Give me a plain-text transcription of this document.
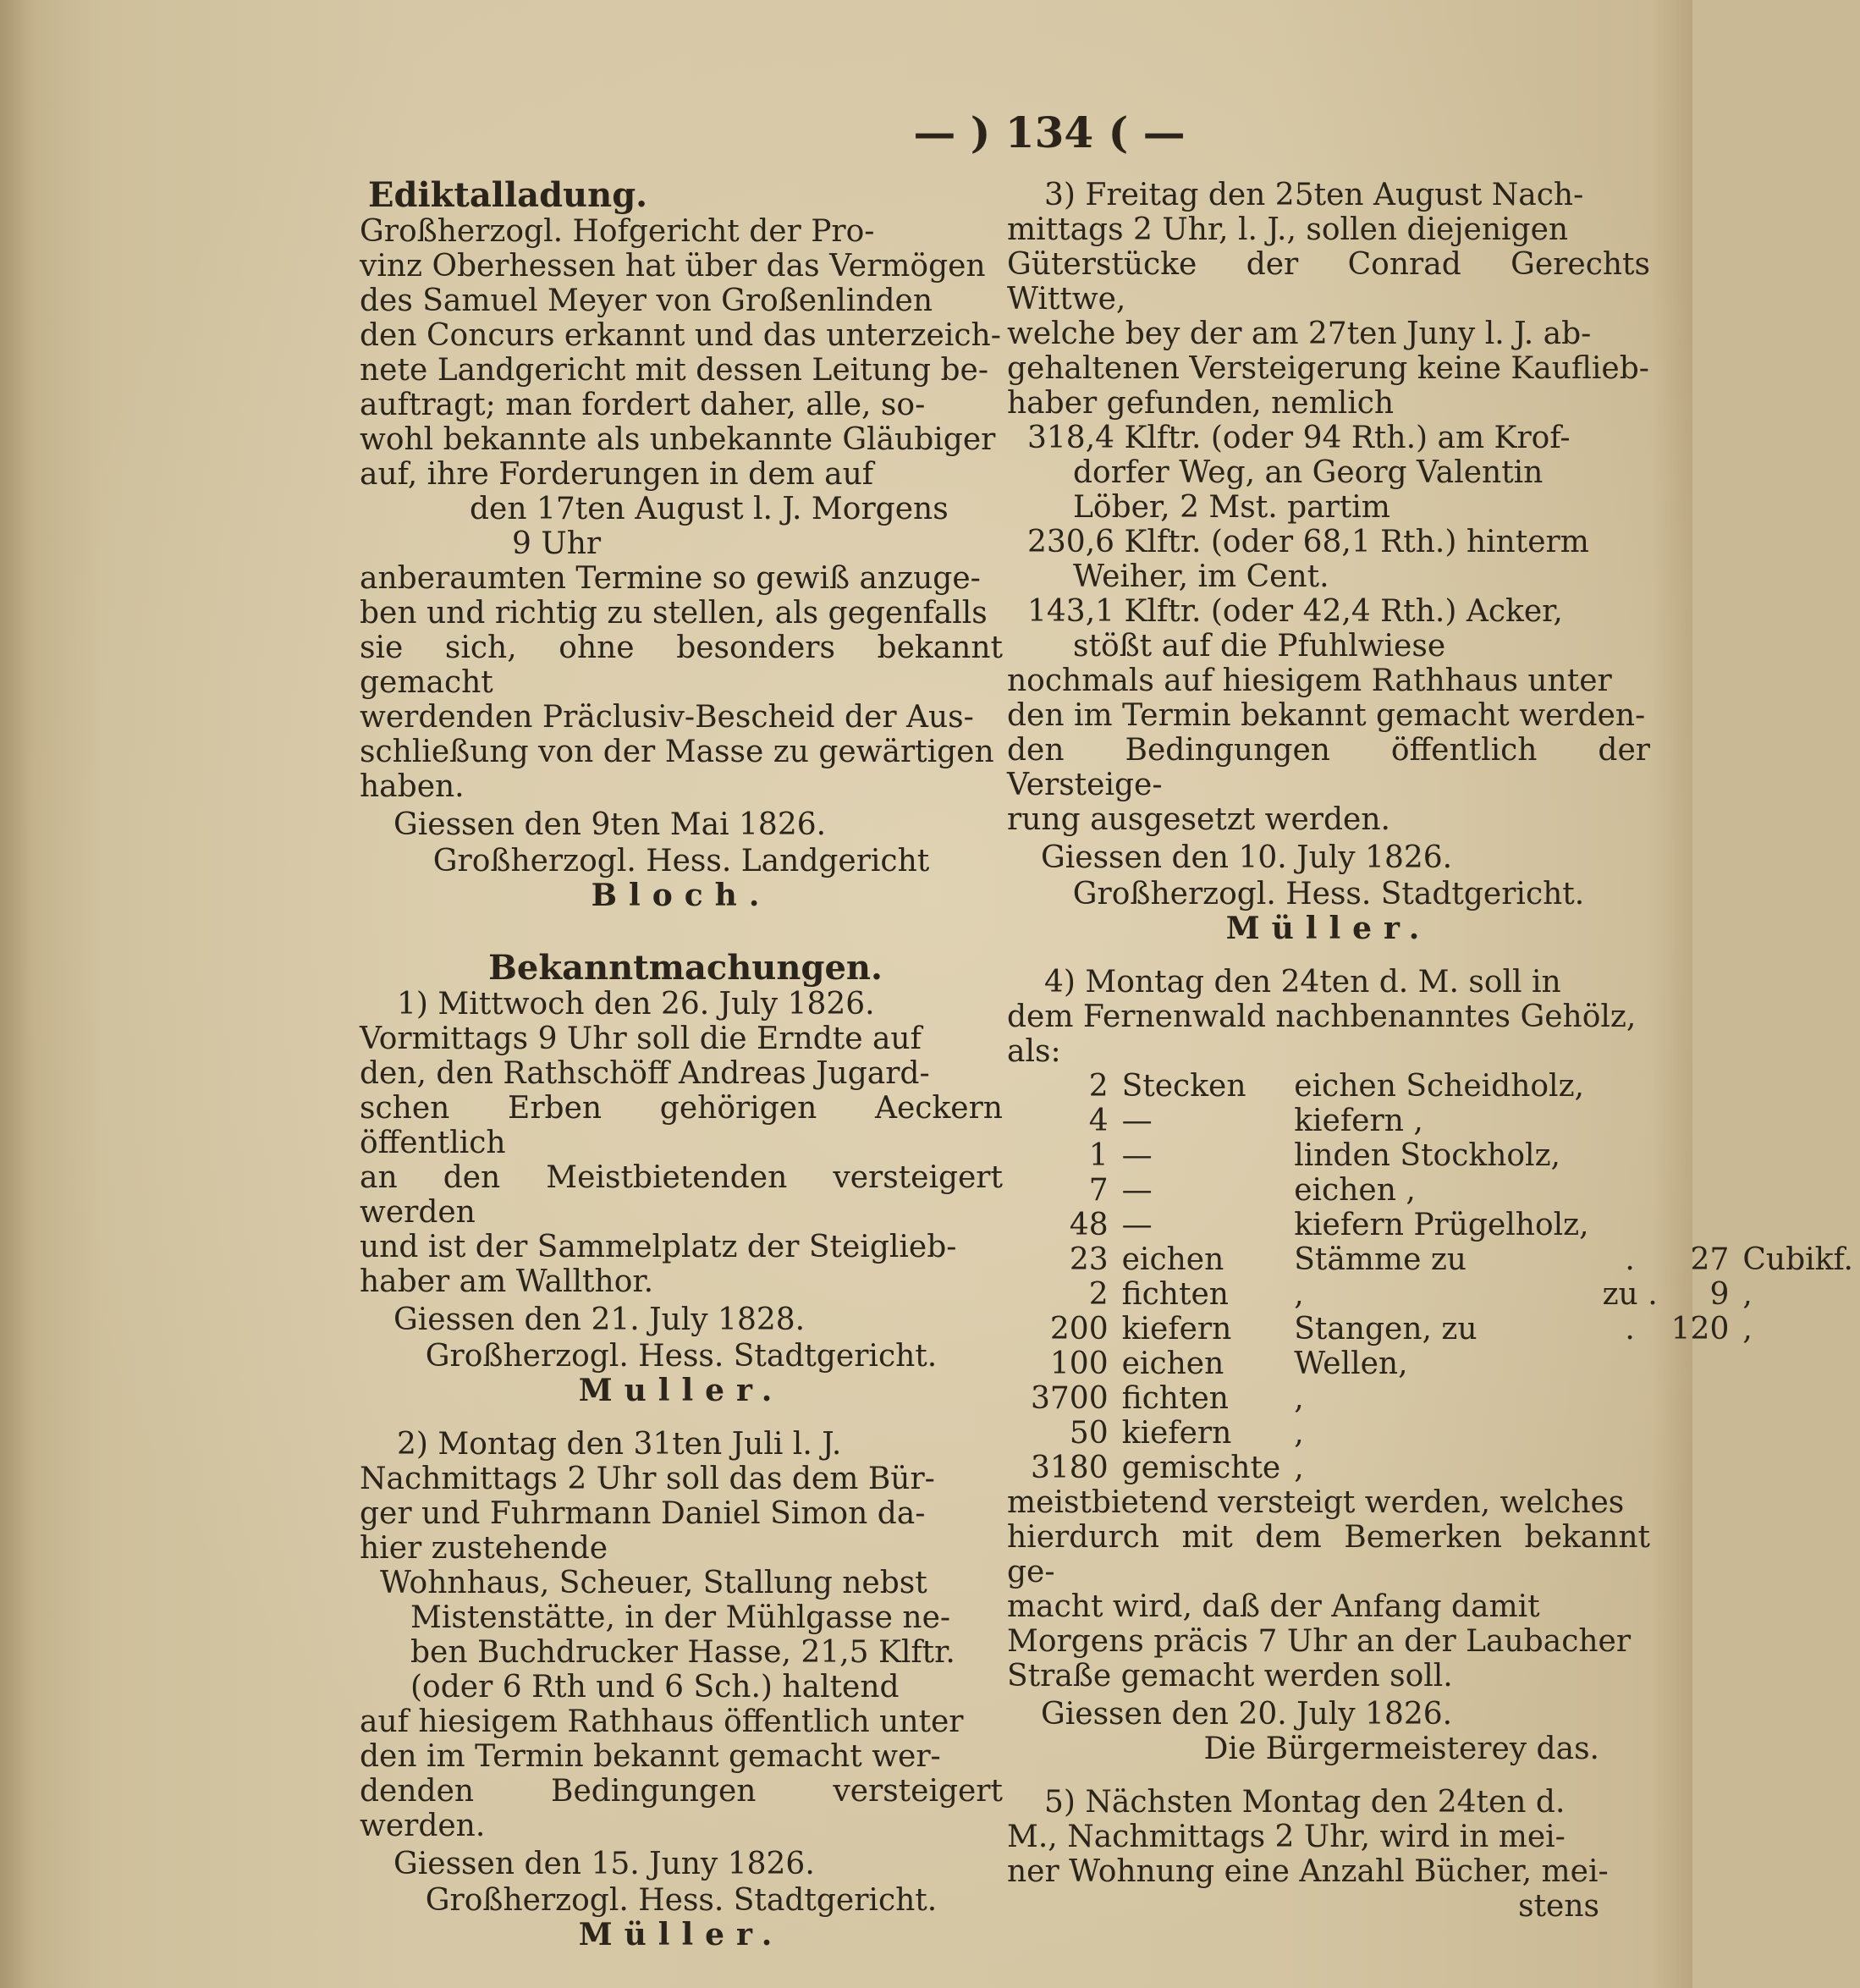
— ) 134 ( —
Ediktalladung.
Großherzogl. Hofgericht der Pro-
vinz Oberhessen hat über das Vermögen
des Samuel Meyer von Großenlinden
den Concurs erkannt und das unterzeich-
nete Landgericht mit dessen Leitung be-
auftragt; man fordert daher, alle, so-
wohl bekannte als unbekannte Gläubiger
auf, ihre Forderungen in dem auf
den 17ten August l. J. Morgens
9 Uhr
anberaumten Termine so gewiß anzuge-
ben und richtig zu stellen, als gegenfalls
sie sich, ohne besonders bekannt gemacht
werdenden Präclusiv-Bescheid der Aus-
schließung von der Masse zu gewärtigen
haben.
Giessen den 9ten Mai 1826.
Großherzogl. Hess. Landgericht
Bloch.
Bekanntmachungen.
1) Mittwoch den 26. July 1826.
Vormittags 9 Uhr soll die Erndte auf
den, den Rathschöff Andreas Jugard-
schen Erben gehörigen Aeckern öffentlich
an den Meistbietenden versteigert werden
und ist der Sammelplatz der Steiglieb-
haber am Wallthor.
Giessen den 21. July 1828.
Großherzogl. Hess. Stadtgericht.
Muller.
2) Montag den 31ten Juli l. J.
Nachmittags 2 Uhr soll das dem Bür-
ger und Fuhrmann Daniel Simon da-
hier zustehende
Wohnhaus, Scheuer, Stallung nebst
Mistenstätte, in der Mühlgasse ne-
ben Buchdrucker Hasse, 21,5 Klftr.
(oder 6 Rth und 6 Sch.) haltend
auf hiesigem Rathhaus öffentlich unter
den im Termin bekannt gemacht wer-
denden Bedingungen versteigert werden.
Giessen den 15. Juny 1826.
Großherzogl. Hess. Stadtgericht.
Müller.
3) Freitag den 25ten August Nach-
mittags 2 Uhr, l. J., sollen diejenigen
Güterstücke der Conrad Gerechts Wittwe,
welche bey der am 27ten Juny l. J. ab-
gehaltenen Versteigerung keine Kauflieb-
haber gefunden, nemlich
318,4 Klftr. (oder 94 Rth.) am Krof-
dorfer Weg, an Georg Valentin
Löber, 2 Mst. partim
230,6 Klftr. (oder 68,1 Rth.) hinterm
Weiher, im Cent.
143,1 Klftr. (oder 42,4 Rth.) Acker,
stößt auf die Pfuhlwiese
nochmals auf hiesigem Rathhaus unter
den im Termin bekannt gemacht werden-
den Bedingungen öffentlich der Versteige-
rung ausgesetzt werden.
Giessen den 10. July 1826.
Großherzogl. Hess. Stadtgericht.
Müller.
4) Montag den 24ten d. M. soll in
dem Fernenwald nachbenanntes Gehölz,
als:
2	Stecken	eichen Scheidholz,			
4	—	kiefern ,			
1	—	linden Stockholz,			
7	—	eichen ,			
48	—	kiefern Prügelholz,			
23	eichen	Stämme zu	.	27	Cubikf.
2	fichten	,	zu .	9	,
200	kiefern	Stangen, zu	.	120	,
100	eichen	Wellen,			
3700	fichten	,			
50	kiefern	,			
3180	gemischte	,			
meistbietend versteigt werden, welches
hierdurch mit dem Bemerken bekannt ge-
macht wird, daß der Anfang damit
Morgens präcis 7 Uhr an der Laubacher
Straße gemacht werden soll.
Giessen den 20. July 1826.
Die Bürgermeisterey das.
5) Nächsten Montag den 24ten d.
M., Nachmittags 2 Uhr, wird in mei-
ner Wohnung eine Anzahl Bücher, mei-
stens
